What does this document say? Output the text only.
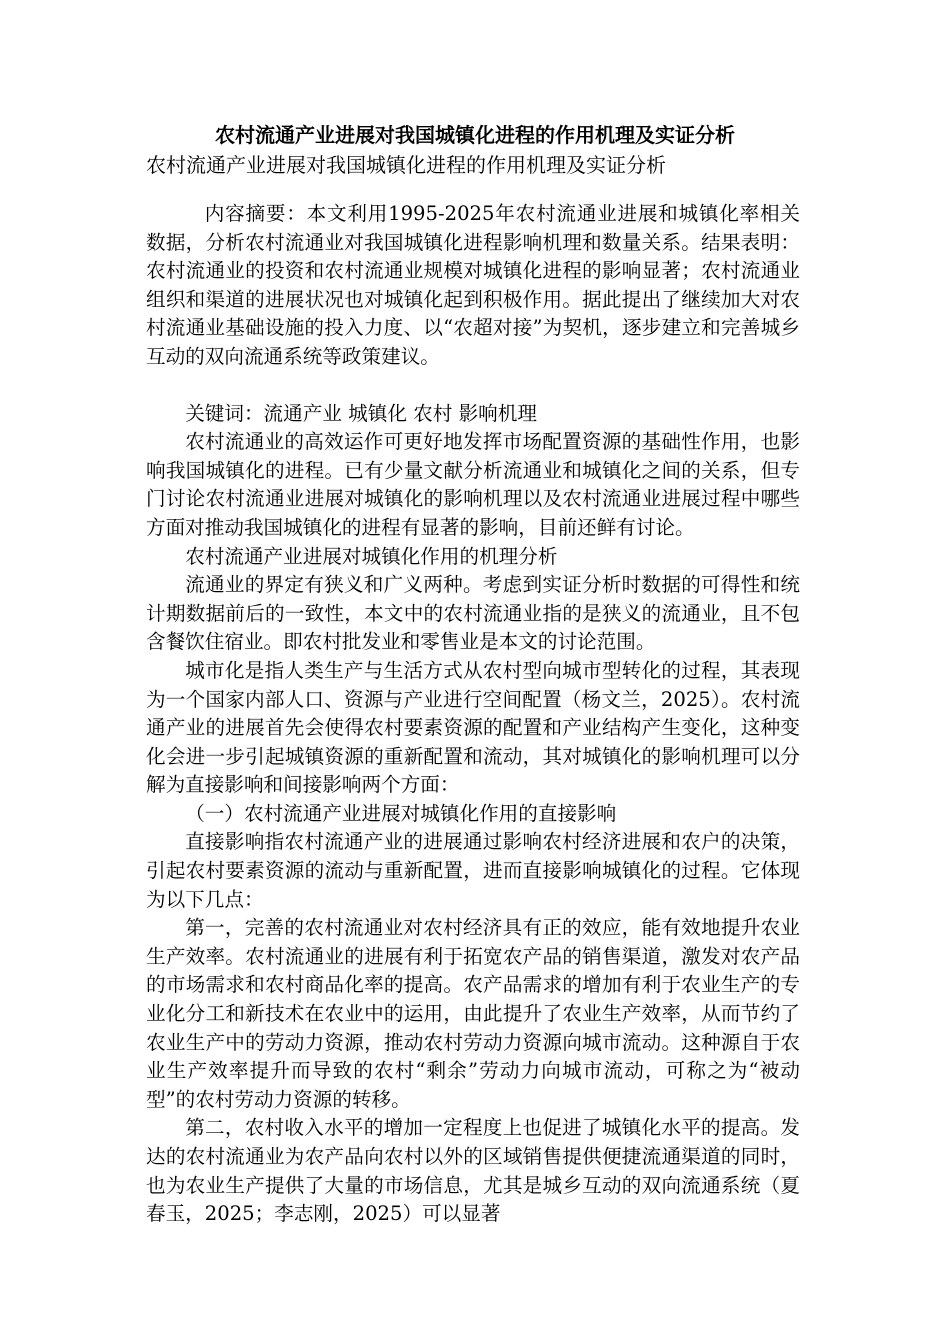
农村流通产业进展对我国城镇化进程的作用机理及实证分析
农村流通产业进展对我国城镇化进程的作用机理及实证分析

内容摘要：本文利用1995-2025年农村流通业进展和城镇化率相关数据，分析农村流通业对我国城镇化进程影响机理和数量关系。结果表明：农村流通业的投资和农村流通业规模对城镇化进程的影响显著；农村流通业组织和渠道的进展状况也对城镇化起到积极作用。据此提出了继续加大对农村流通业基础设施的投入力度、以“农超对接”为契机，逐步建立和完善城乡互动的双向流通系统等政策建议。

关键词：流通产业 城镇化 农村 影响机理

农村流通业的高效运作可更好地发挥市场配置资源的基础性作用，也影响我国城镇化的进程。已有少量文献分析流通业和城镇化之间的关系，但专门讨论农村流通业进展对城镇化的影响机理以及农村流通业进展过程中哪些方面对推动我国城镇化的进程有显著的影响，目前还鲜有讨论。

农村流通产业进展对城镇化作用的机理分析

流通业的界定有狭义和广义两种。考虑到实证分析时数据的可得性和统计期数据前后的一致性，本文中的农村流通业指的是狭义的流通业，且不包含餐饮住宿业。即农村批发业和零售业是本文的讨论范围。

城市化是指人类生产与生活方式从农村型向城市型转化的过程，其表现为一个国家内部人口、资源与产业进行空间配置（杨文兰，2025）。农村流通产业的进展首先会使得农村要素资源的配置和产业结构产生变化，这种变化会进一步引起城镇资源的重新配置和流动，其对城镇化的影响机理可以分解为直接影响和间接影响两个方面：

（一）农村流通产业进展对城镇化作用的直接影响

直接影响指农村流通产业的进展通过影响农村经济进展和农户的决策，引起农村要素资源的流动与重新配置，进而直接影响城镇化的过程。它体现为以下几点：

第一，完善的农村流通业对农村经济具有正的效应，能有效地提升农业生产效率。农村流通业的进展有利于拓宽农产品的销售渠道，激发对农产品的市场需求和农村商品化率的提高。农产品需求的增加有利于农业生产的专业化分工和新技术在农业中的运用，由此提升了农业生产效率，从而节约了农业生产中的劳动力资源，推动农村劳动力资源向城市流动。这种源自于农业生产效率提升而导致的农村“剩余”劳动力向城市流动，可称之为“被动型”的农村劳动力资源的转移。

第二，农村收入水平的增加一定程度上也促进了城镇化水平的提高。发达的农村流通业为农产品向农村以外的区域销售提供便捷流通渠道的同时，也为农业生产提供了大量的市场信息，尤其是城乡互动的双向流通系统（夏春玉，2025；李志刚，2025）可以显著
